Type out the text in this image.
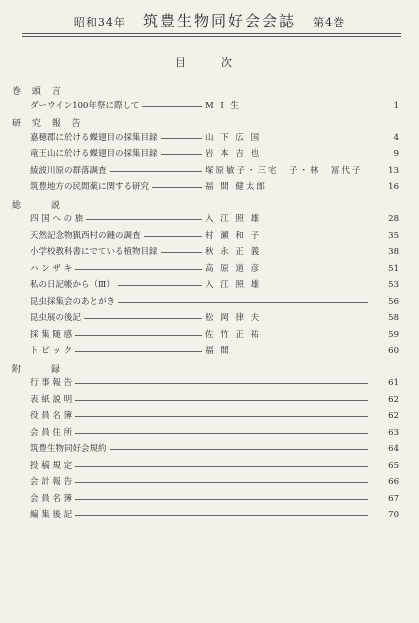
昭和34年 筑豊生物同好会会誌 第4巻
目　次
巻 頭 言
ダーウイン100年祭に際して	M I 生	1
研 究 報 告
嘉穂郡に於ける蝶翅目の採集目録	山 下 広 国	4
竜王山に於ける蝶翅目の採集目録	岩 本 吉 也	9
綾波川原の群落調査	塚原敏子・三宅　子・林　冨代子	13
筑豊地方の民間薬に関する研究	福 間 健太郎	16
総　　説
四 国 へ の 旅	入 江 照 雄	28
天然記念物猟西村の鍾の調査	村 瀬 和 子	35
小学校教科書にでている植物目録	秋 永 正 義	38
ハ ン ザ キ	高 原 道 彦	51
私の日記帳から（Ⅲ）	入 江 照 雄	53
昆虫採集会のあとがき	56
昆虫展の後記	松 岡 律 夫	58
採 集 随 感	佐 竹 正 祐	59
ト ピ ッ ク	福 間	60
附　　録
行 事 報 告	61
表 紙 説 明	62
役 員 名 簿	62
会 員 住 所	63
筑豊生物同好会規約	64
投 稿 規 定	65
会 計 報 告	66
会 員 名 簿	67
編 集 後 記	70
